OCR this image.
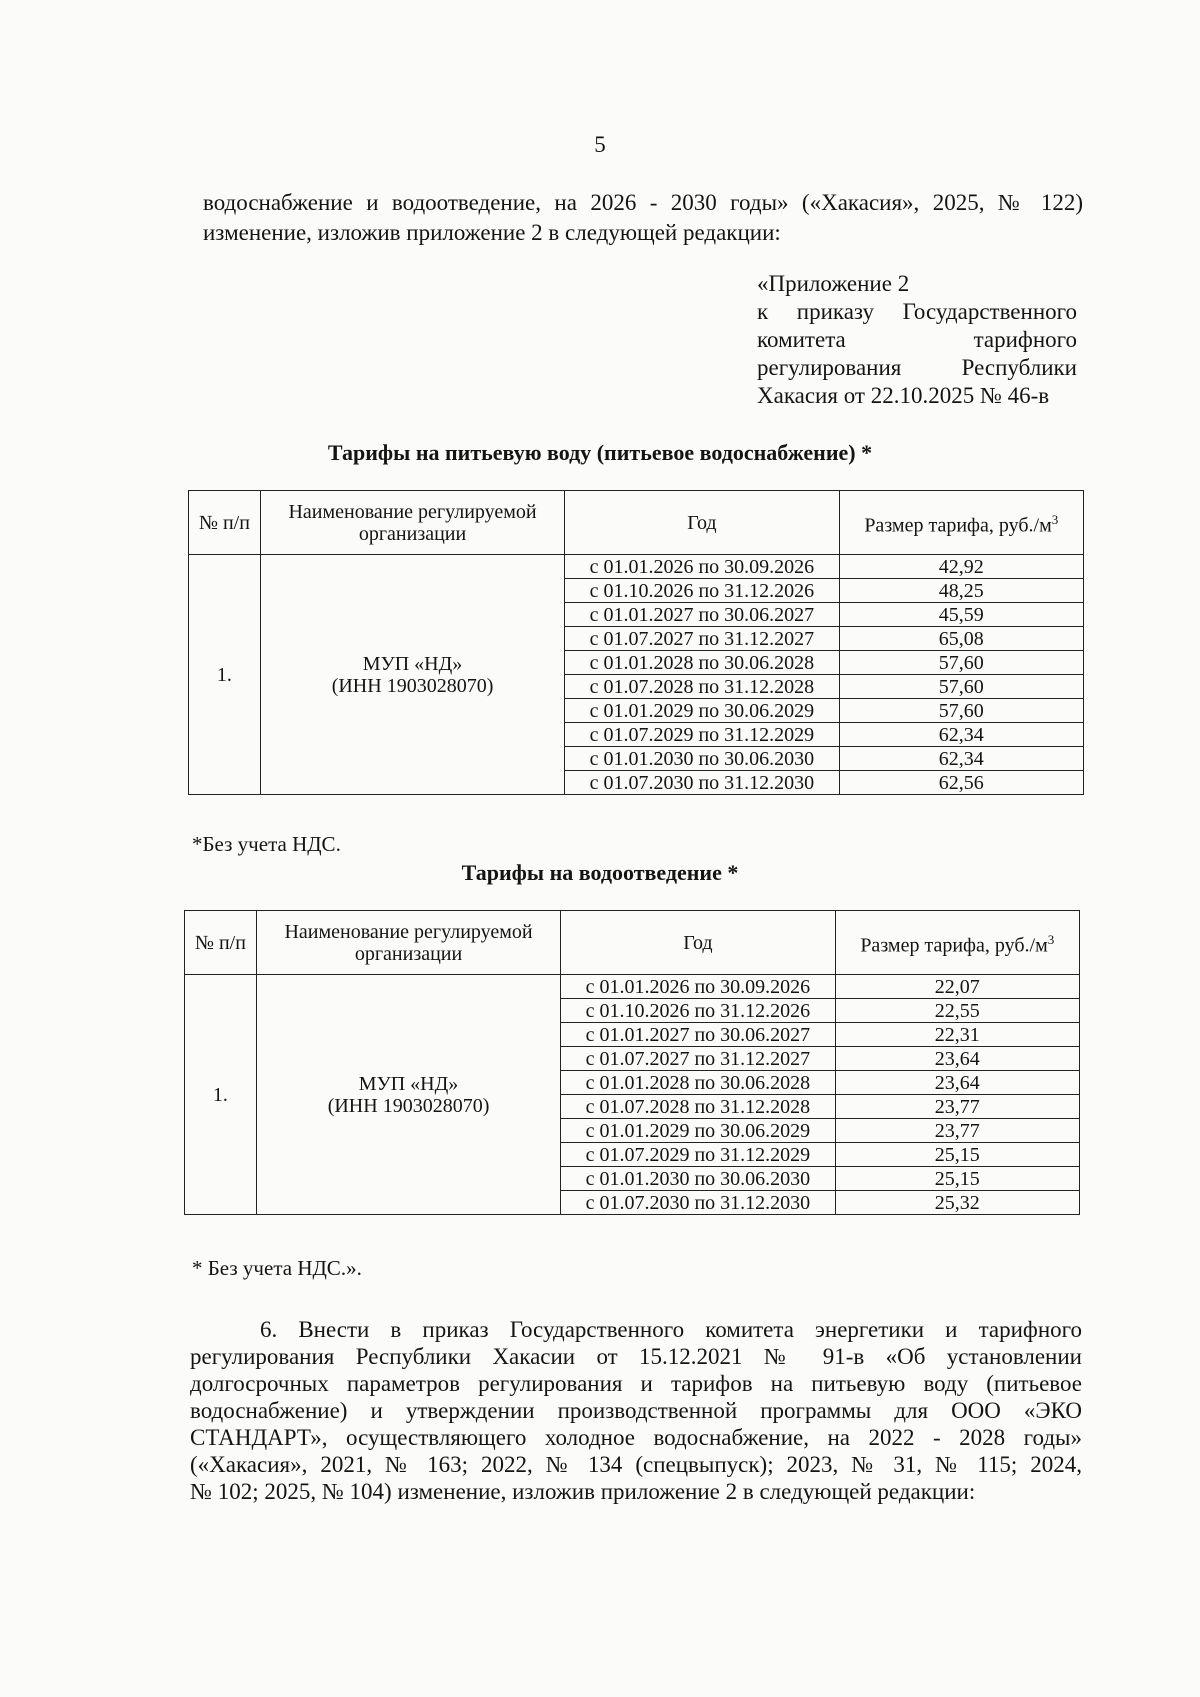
5
водоснабжение и водоотведение, на 2026 - 2030 годы» («Хакасия», 2025, № 122)
изменение, изложив приложение 2 в следующей редакции:
«Приложение 2
к приказу Государственного
комитета тарифного
регулирования Республики
Хакасия от 22.10.2025 № 46-в
Тарифы на питьевую воду (питьевое водоснабжение) *
№ п/п	Наименование регулируемой организации	Год	Размер тарифа, $руб./м^3$
1.	МУП «НД»
(ИНН 1903028070)	с 01.01.2026 по 30.09.2026	42,92
		с 01.10.2026 по 31.12.2026	48,25
		с 01.01.2027 по 30.06.2027	45,59
		с 01.07.2027 по 31.12.2027	65,08
		с 01.01.2028 по 30.06.2028	57,60
		с 01.07.2028 по 31.12.2028	57,60
		с 01.01.2029 по 30.06.2029	57,60
		с 01.07.2029 по 31.12.2029	62,34
		с 01.01.2030 по 30.06.2030	62,34
		с 01.07.2030 по 31.12.2030	62,56
*Без учета НДС.
Тарифы на водоотведение *
№ п/п	Наименование регулируемой организации	Год	Размер тарифа, $руб./м^3$
1.	МУП «НД»
(ИНН 1903028070)	с 01.01.2026 по 30.09.2026	22,07
		с 01.10.2026 по 31.12.2026	22,55
		с 01.01.2027 по 30.06.2027	22,31
		с 01.07.2027 по 31.12.2027	23,64
		с 01.01.2028 по 30.06.2028	23,64
		с 01.07.2028 по 31.12.2028	23,77
		с 01.01.2029 по 30.06.2029	23,77
		с 01.07.2029 по 31.12.2029	25,15
		с 01.01.2030 по 30.06.2030	25,15
		с 01.07.2030 по 31.12.2030	25,32
* Без учета НДС.».
6. Внести в приказ Государственного комитета энергетики и тарифного
регулирования Республики Хакасии от 15.12.2021 № 91-в «Об установлении
долгосрочных параметров регулирования и тарифов на питьевую воду (питьевое
водоснабжение) и утверждении производственной программы для ООО «ЭКО
СТАНДАРТ», осуществляющего холодное водоснабжение, на 2022 - 2028 годы»
(«Хакасия», 2021, № 163; 2022, № 134 (спецвыпуск); 2023, № 31, № 115; 2024,
№ 102; 2025, № 104) изменение, изложив приложение 2 в следующей редакции:
